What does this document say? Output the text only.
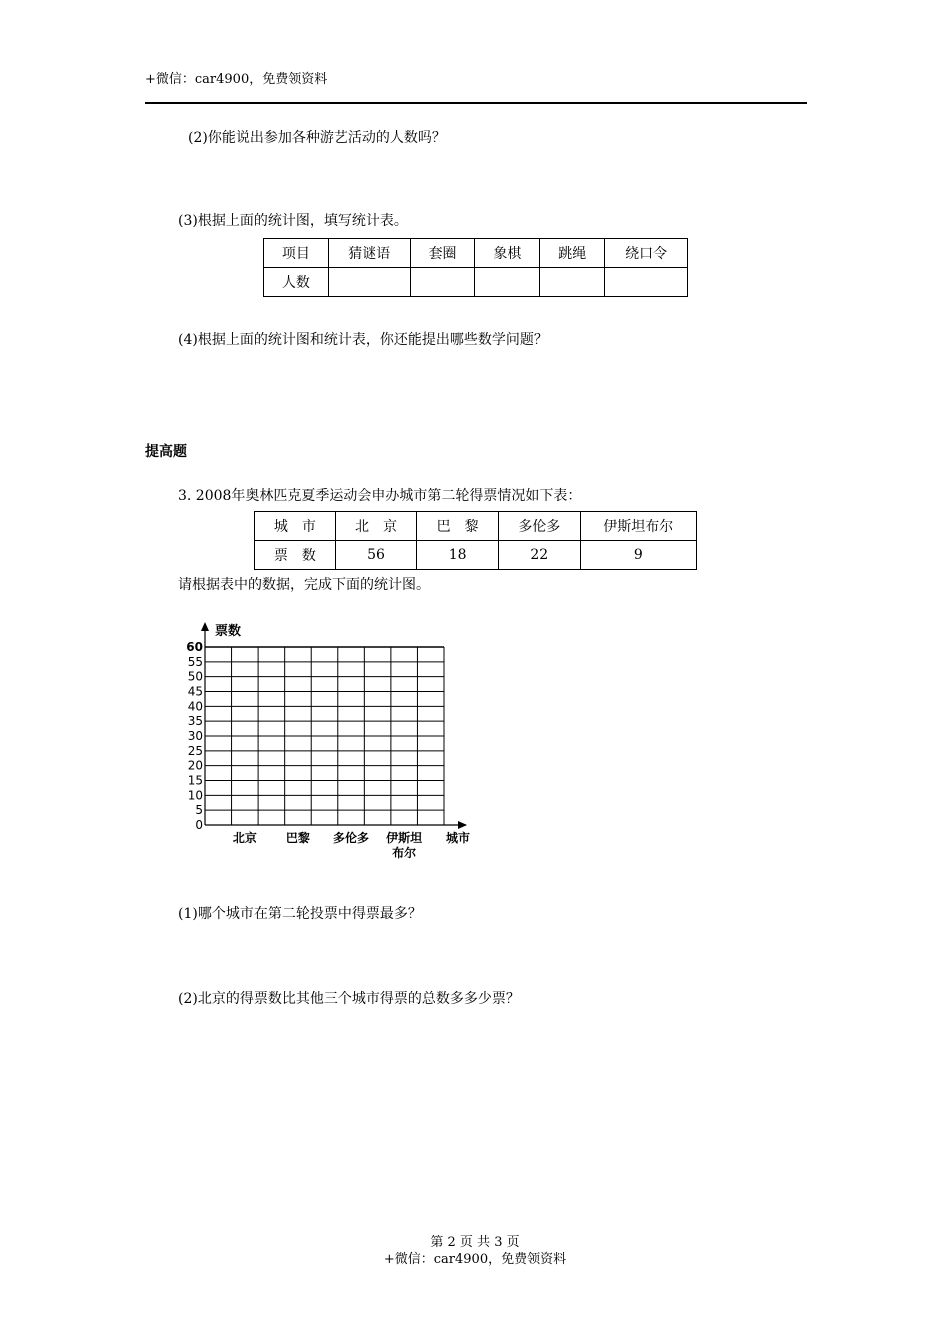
+微信：car4900，免费领资料
(2)你能说出参加各种游艺活动的人数吗？
(3)根据上面的统计图，填写统计表。
项目	猜谜语	套圈	象棋	跳绳	绕口令
人数					
(4)根据上面的统计图和统计表，你还能提出哪些数学问题？
提高题
3. 2008年奥林匹克夏季运动会申办城市第二轮得票情况如下表：
城　市	北　京	巴　黎	多伦多	伊斯坦布尔
票　数	56	18	22	9
请根据表中的数据，完成下面的统计图。
0
5
10
15
20
25
30
35
40
45
50
55
60
北京 巴黎 多伦多 伊斯坦
布尔
票数
城市
(1)哪个城市在第二轮投票中得票最多？
(2)北京的得票数比其他三个城市得票的总数多多少票？
第 2 页 共 3 页
+微信：car4900，免费领资料
